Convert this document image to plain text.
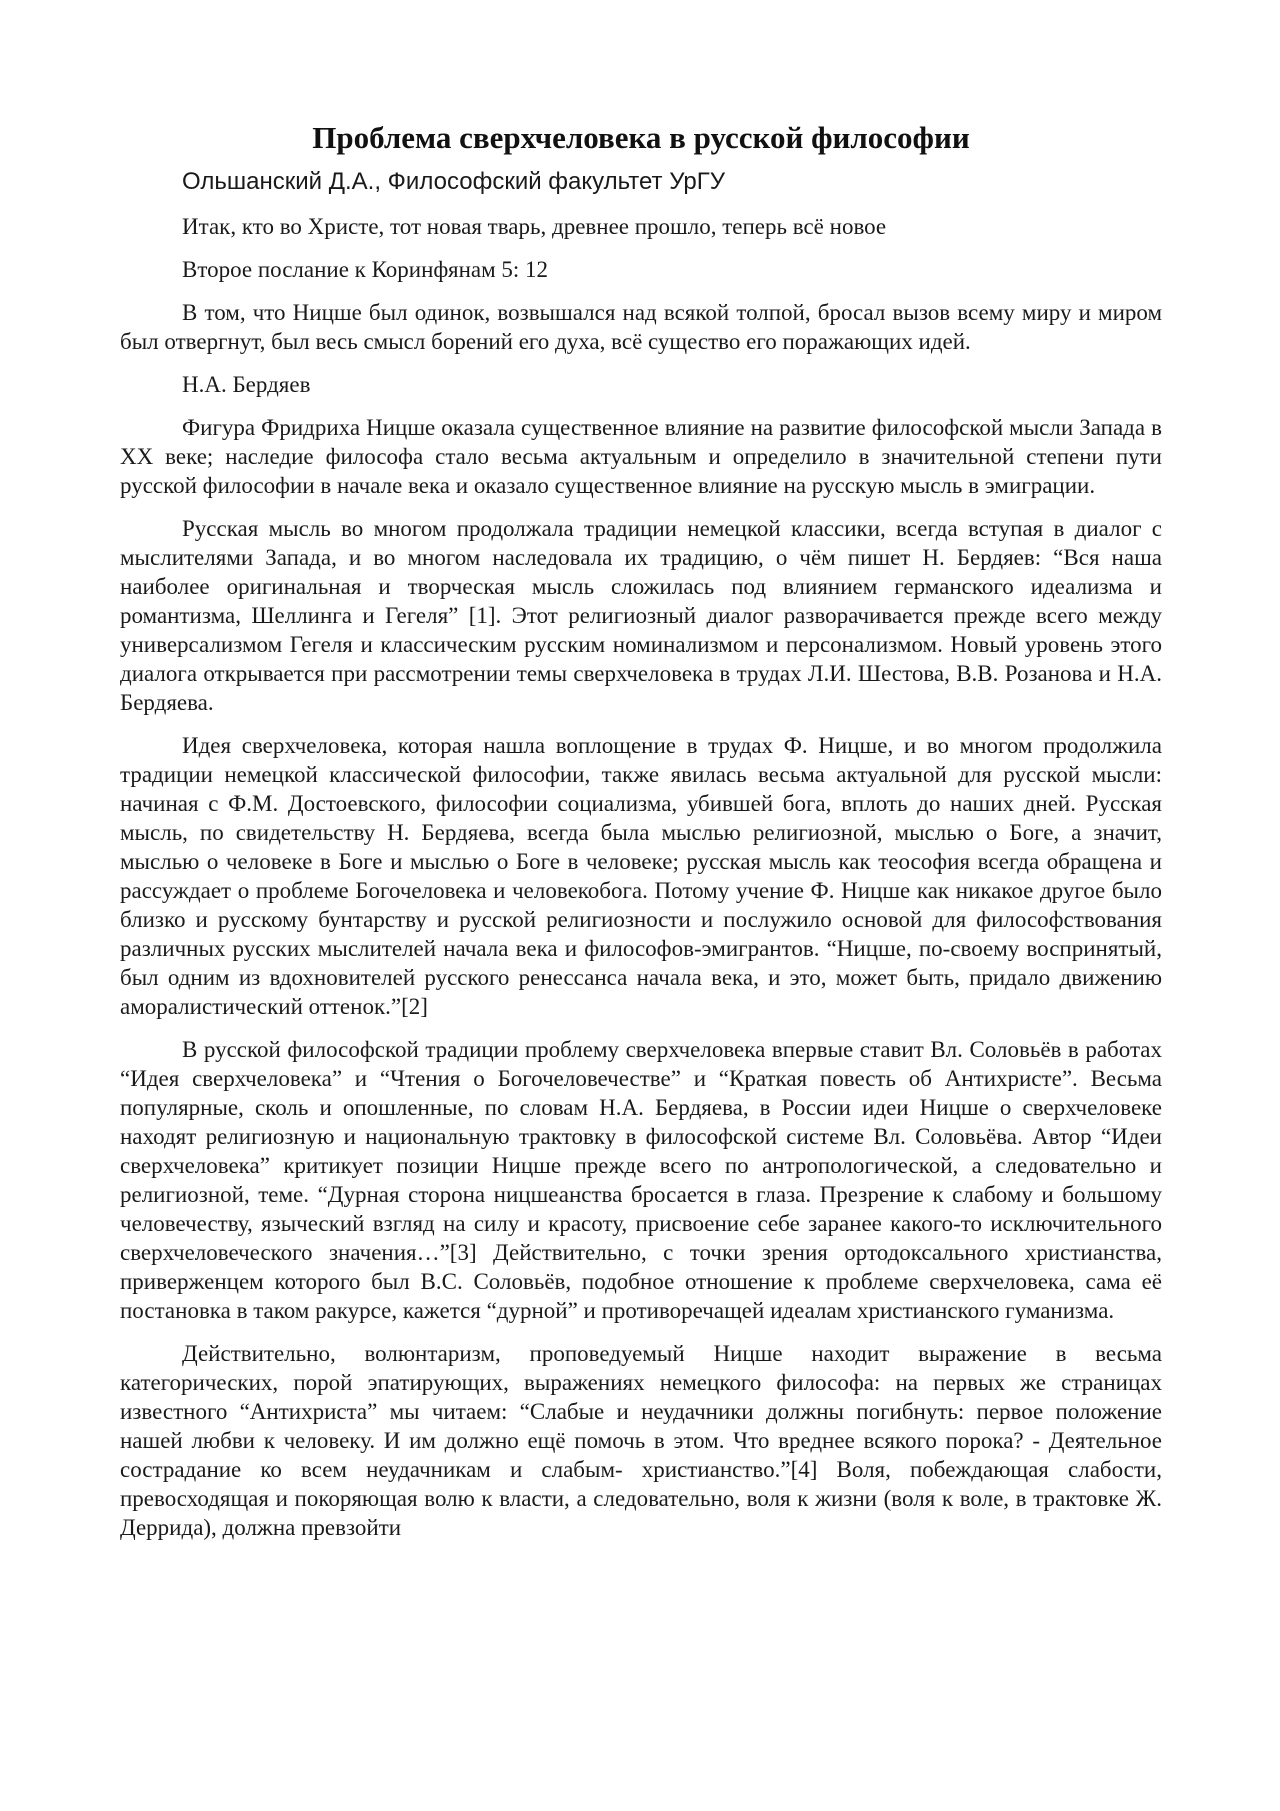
Проблема сверхчеловека в русской философии
Ольшанский Д.А., Философский факультет УрГУ
Итак, кто во Христе, тот новая тварь, древнее прошло, теперь всё новое
Второе послание к Коринфянам 5: 12

В том, что Ницше был одинок, возвышался над всякой толпой, бросал вызов всему миру и миром был отвергнут, был весь смысл борений его духа, всё существо его поражающих идей.

Н.А. Бердяев

Фигура Фридриха Ницше оказала существенное влияние на развитие философской мысли Запада в XX веке; наследие философа стало весьма актуальным и определило в значительной степени пути русской философии в начале века и оказало существенное влияние на русскую мысль в эмиграции.

Русская мысль во многом продолжала традиции немецкой классики, всегда вступая в диалог с мыслителями Запада, и во многом наследовала их традицию, о чём пишет Н. Бердяев: “Вся наша наиболее оригинальная и творческая мысль сложилась под влиянием германского идеализма и романтизма, Шеллинга и Гегеля” [1]. Этот религиозный диалог разворачивается прежде всего между универсализмом Гегеля и классическим русским номинализмом и персонализмом. Новый уровень этого диалога открывается при рассмотрении темы сверхчеловека в трудах Л.И. Шестова, В.В. Розанова и Н.А. Бердяева.

Идея сверхчеловека, которая нашла воплощение в трудах Ф. Ницше, и во многом продолжила традиции немецкой классической философии, также явилась весьма актуальной для русской мысли: начиная с Ф.М. Достоевского, философии социализма, убившей бога, вплоть до наших дней. Русская мысль, по свидетельству Н. Бердяева, всегда была мыслью религиозной, мыслью о Боге, а значит, мыслью о человеке в Боге и мыслью о Боге в человеке; русская мысль как теософия всегда обращена и рассуждает о проблеме Богочеловека и человекобога. Потому учение Ф. Ницше как никакое другое было близко и русскому бунтарству и русской религиозности и послужило основой для философствования различных русских мыслителей начала века и философов-эмигрантов. “Ницше, по-своему воспринятый, был одним из вдохновителей русского ренессанса начала века, и это, может быть, придало движению аморалистический оттенок.”[2]

В русской философской традиции проблему сверхчеловека впервые ставит Вл. Соловьёв в работах “Идея сверхчеловека” и “Чтения о Богочеловечестве” и “Краткая повесть об Антихристе”. Весьма популярные, сколь и опошленные, по словам Н.А. Бердяева, в России идеи Ницше о сверхчеловеке находят религиозную и национальную трактовку в философской системе Вл. Соловьёва. Автор “Идеи сверхчеловека” критикует позиции Ницше прежде всего по антропологической, а следовательно и религиозной, теме. “Дурная сторона ницшеанства бросается в глаза. Презрение к слабому и большому человечеству, языческий взгляд на силу и красоту, присвоение себе заранее какого-то исключительного сверхчеловеческого значения…”[3] Действительно, с точки зрения ортодоксального христианства, приверженцем которого был В.С. Соловьёв, подобное отношение к проблеме сверхчеловека, сама её постановка в таком ракурсе, кажется “дурной” и противоречащей идеалам христианского гуманизма.

Действительно, волюнтаризм, проповедуемый Ницше находит выражение в весьма категорических, порой эпатирующих, выражениях немецкого философа: на первых же страницах известного “Антихриста” мы читаем: “Слабые и неудачники должны погибнуть: первое положение нашей любви к человеку. И им должно ещё помочь в этом. Что вреднее всякого порока? - Деятельное сострадание ко всем неудачникам и слабым- христианство.”[4] Воля, побеждающая слабости, превосходящая и покоряющая волю к власти, а следовательно, воля к жизни (воля к воле, в трактовке Ж. Деррида), должна превзойти
